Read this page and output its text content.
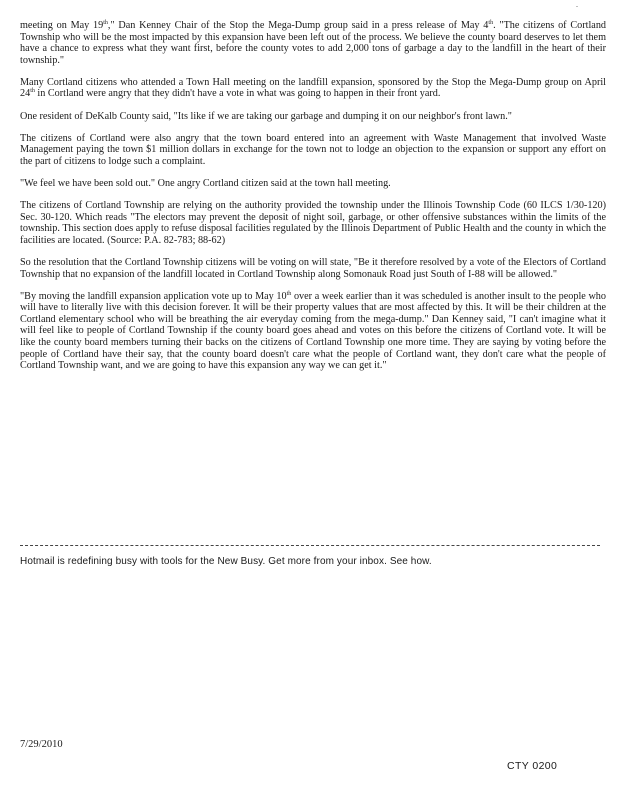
-

meeting on May 19th," Dan Kenney Chair of the Stop the Mega-Dump group said in a press release of May 4th. "The citizens of Cortland Township who will be the most impacted by this expansion have been left out of the process. We believe the county board deserves to let them have a chance to express what they want first, before the county votes to add 2,000 tons of garbage a day to the landfill in the heart of their township."

Many Cortland citizens who attended a Town Hall meeting on the landfill expansion, sponsored by the Stop the Mega-Dump group on April 24th in Cortland were angry that they didn't have a vote in what was going to happen in their front yard.

One resident of DeKalb County said, "Its like if we are taking our garbage and dumping it on our neighbor's front lawn."

The citizens of Cortland were also angry that the town board entered into an agreement with Waste Management that involved Waste Management paying the town $1 million dollars in exchange for the town not to lodge an objection to the expansion or support any effort on the part of citizens to lodge such a complaint.

"We feel we have been sold out." One angry Cortland citizen said at the town hall meeting.

The citizens of Cortland Township are relying on the authority provided the township under the Illinois Township Code (60 ILCS 1/30-120) Sec. 30-120. Which reads "The electors may prevent the deposit of night soil, garbage, or other offensive substances within the limits of the township. This section does apply to refuse disposal facilities regulated by the Illinois Department of Public Health and the county in which the facilities are located. (Source: P.A. 82-783; 88-62)

So the resolution that the Cortland Township citizens will be voting on will state, "Be it therefore resolved by a vote of the Electors of Cortland Township that no expansion of the landfill located in Cortland Township along Somonauk Road just South of I-88 will be allowed."

"By moving the landfill expansion application vote up to May 10th over a week earlier than it was scheduled is another insult to the people who will have to literally live with this decision forever. It will be their property values that are most affected by this. It will be their children at the Cortland elementary school who will be breathing the air everyday coming from the mega-dump." Dan Kenney said, "I can't imagine what it will feel like to people of Cortland Township if the county board goes ahead and votes on this before the citizens of Cortland vote. It will be like the county board members turning their backs on the citizens of Cortland Township one more time. They are saying by voting before the people of Cortland have their say, that the county board doesn't care what the people of Cortland want, they don't care what the people of Cortland Township want, and we are going to have this expansion any way we can get it."

Hotmail is redefining busy with tools for the New Busy. Get more from your inbox. See how.
7/29/2010
CTY 0200
